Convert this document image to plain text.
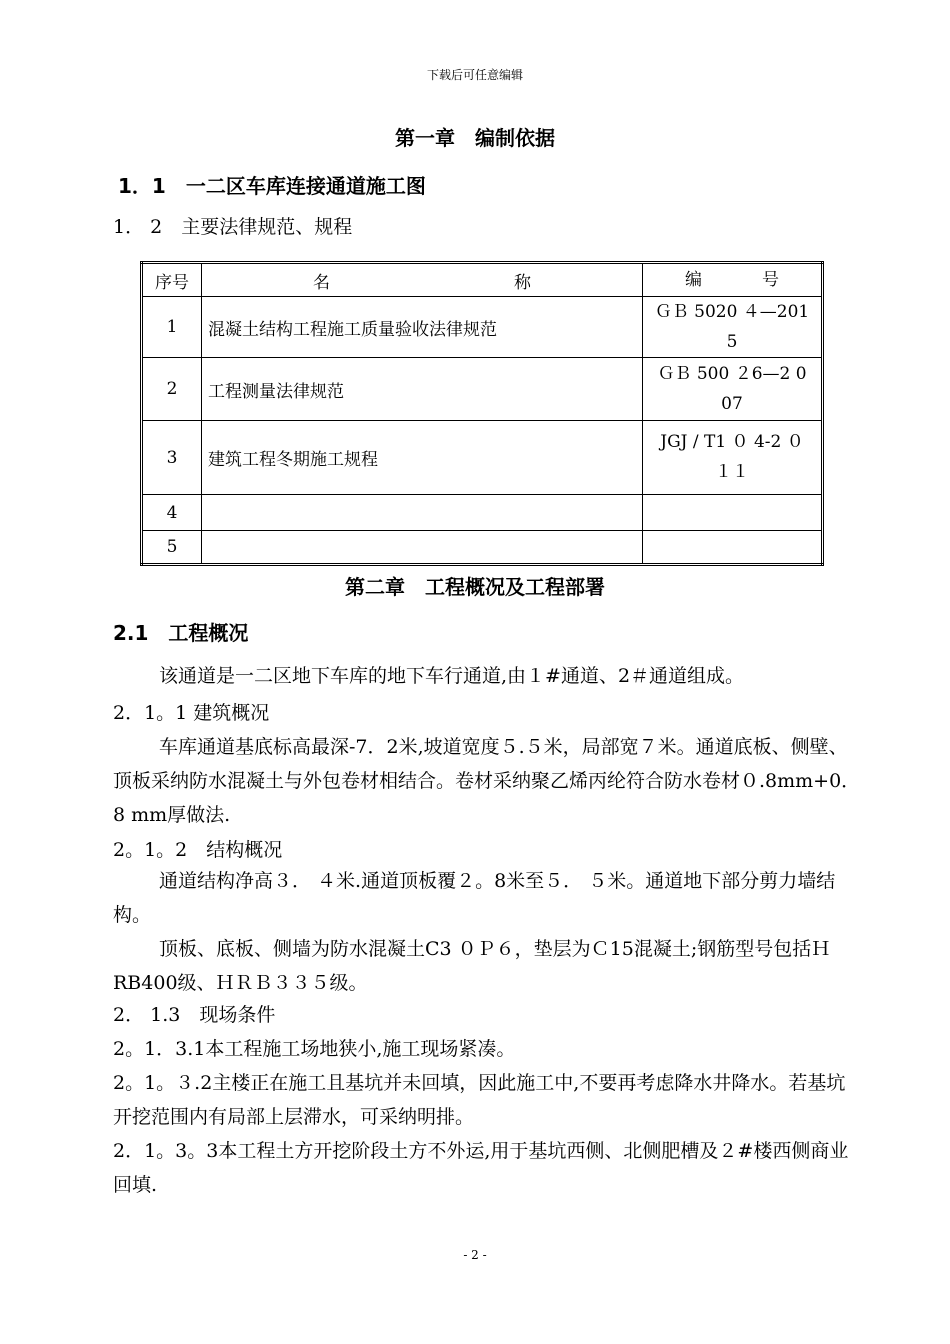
下载后可任意编辑
第一章　编制依据
1．1　一二区车库连接通道施工图
1． 2　主要法律规范、规程
序号	名 称	编 号

1	混凝土结构工程施工质量验收法律规范	ＧＢ 5020 ４—201
5

2	工程测量法律规范	ＧＢ 500 ２6—2 0
07

3	建筑工程冬期施工规程	JGJ / T1 ０ 4-2 ０
１１

4		
5		
第二章　工程概况及工程部署
2.1　工程概况
该通道是一二区地下车库的地下车行通道,由１#通道、2＃通道组成。
2．1。1 建筑概况
车库通道基底标高最深-7．2米,坡道宽度５.５米，局部宽７米。通道底板、侧壁、顶板采纳防水混凝土与外包卷材相结合。卷材采纳聚乙烯丙纶符合防水卷材０.8mm+0．8 mm厚做法.
2。1。2　结构概况
通道结构净高３． ４米.通道顶板覆２。8米至５． ５米。通道地下部分剪力墙结构。
顶板、底板、侧墙为防水混凝土C3 ０Ｐ６，垫层为Ｃ15混凝土;钢筋型号包括ＨRB400级、ＨＲＢ３３５级。
2． 1.3　现场条件
2。1．3.1本工程施工场地狭小,施工现场紧凑。
2。1。３.2主楼正在施工且基坑并未回填，因此施工中,不要再考虑降水井降水。若基坑开挖范围内有局部上层滞水，可采纳明排。
2．1。3。3本工程土方开挖阶段土方不外运,用于基坑西侧、北侧肥槽及２#楼西侧商业回填.
- 2 -
